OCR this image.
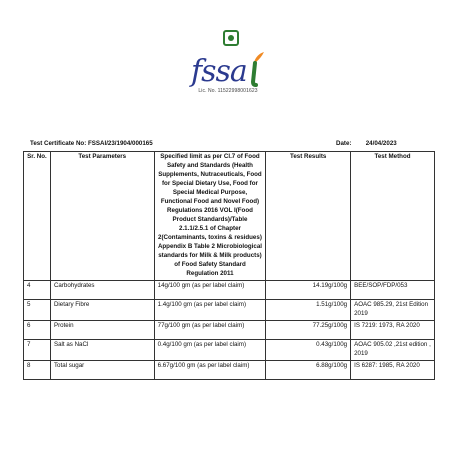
fssa
Lic. No. 11522998001623
Test Certificate No: FSSAI/23/1904/000165	Date: 24/04/2023
Sr. No.	Test Parameters	Specified limit as per Cl.7 of Food Safety and Standards (Health Supplements, Nutraceuticals, Food for Special Dietary Use, Food for Special Medical Purpose, Functional Food and Novel Food) Regulations 2016 VOL I(Food Product Standards)/Table 2.1.1/2.5.1 of Chapter 2(Contaminants, toxins & residues) Appendix B Table 2 Microbiological standards for Milk & Milk products) of Food Safety Standard Regulation 2011	Test Results	Test Method
4	Carbohydrates	14g/100 gm (as per label claim)	14.19g/100g	BEE/SOP/FDP/053
5	Dietary Fibre	1.4g/100 gm (as per label claim)	1.51g/100g	AOAC 985.29, 21st Edition 2019
6	Protein	77g/100 gm (as per label claim)	77.25g/100g	IS 7219: 1973, RA 2020
7	Salt as NaCl	0.4g/100 gm (as per label claim)	0.43g/100g	AOAC 905.02 ,21st edition , 2019
8	Total sugar	6.67g/100 gm (as per label claim)	6.88g/100g	IS 6287: 1985, RA 2020
